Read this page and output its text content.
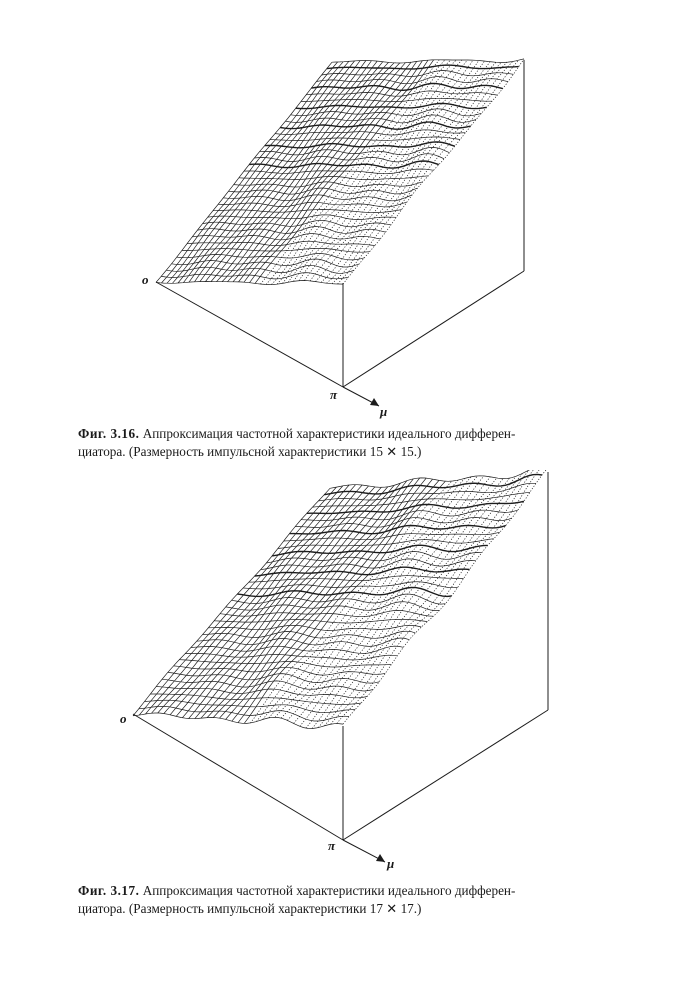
o
π
μ
Фиг. 3.16. Аппроксимация частотной характеристики идеального дифферен-
циатора. (Размерность импульсной характеристики 15 ✕ 15.)
o
π
μ
Фиг. 3.17. Аппроксимация частотной характеристики идеального дифферен-
циатора. (Размерность импульсной характеристики 17 ✕ 17.)
